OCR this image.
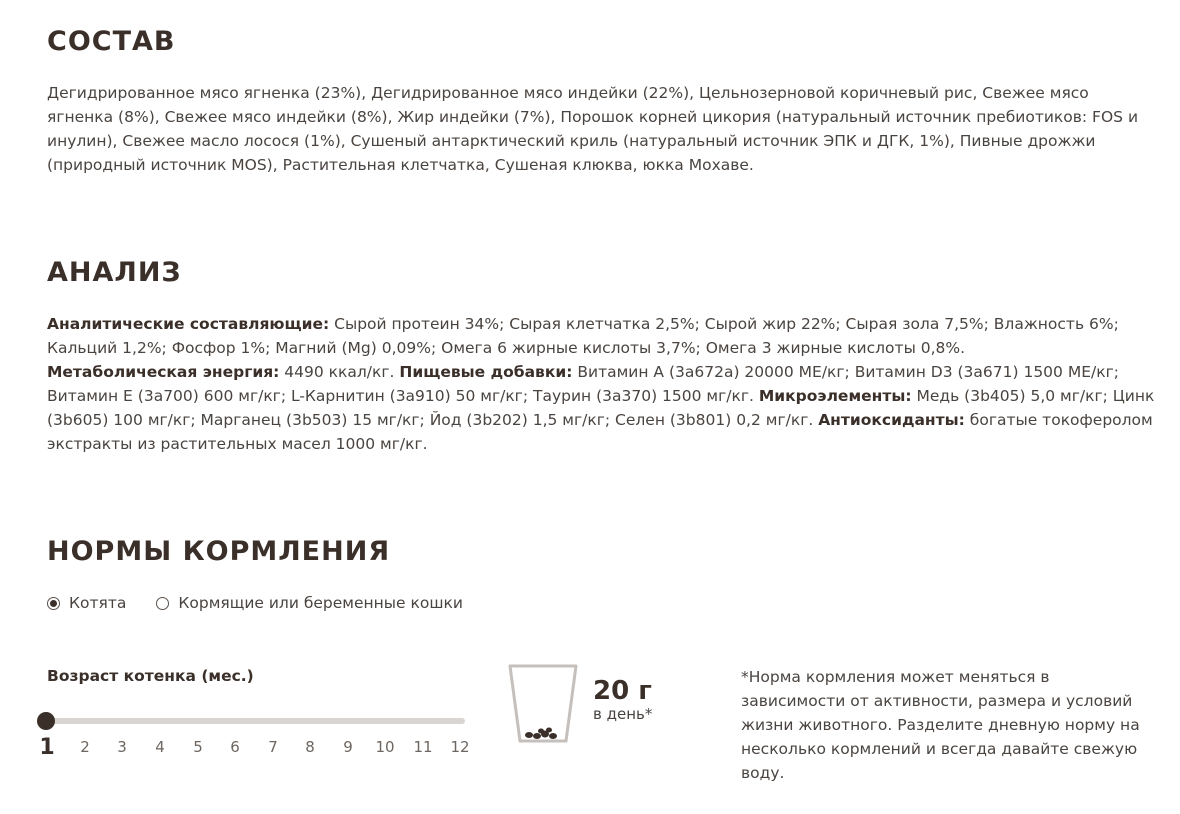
СОСТАВ

Дегидрированное мясо ягненка (23%), Дегидрированное мясо индейки (22%), Цельнозерновой коричневый рис, Свежее мясо ягненка (8%), Свежее мясо индейки (8%), Жир индейки (7%), Порошок корней цикория (натуральный источник пребиотиков: FOS и инулин), Свежее масло лосося (1%), Сушеный антарктический криль (натуральный источник ЭПК и ДГК, 1%), Пивные дрожжи (природный источник MOS), Растительная клетчатка, Сушеная клюква, юкка Мохаве.

АНАЛИЗ

Аналитические составляющие: Сырой протеин 34%; Сырая клетчатка 2,5%; Сырой жир 22%; Сырая зола 7,5%; Влажность 6%; Кальций 1,2%; Фосфор 1%; Магний (Mg) 0,09%; Омега 6 жирные кислоты 3,7%; Омега 3 жирные кислоты 0,8%.
Метаболическая энергия: 4490 ккал/кг. Пищевые добавки: Витамин А (3а672а) 20000 МЕ/кг; Витамин D3 (3а671) 1500 МЕ/кг; Витамин Е (3а700) 600 мг/кг; L-Карнитин (3а910) 50 мг/кг; Таурин (3а370) 1500 мг/кг. Микроэлементы: Медь (3b405) 5,0 мг/кг; Цинк (3b605) 100 мг/кг; Марганец (3b503) 15 мг/кг; Йод (3b202) 1,5 мг/кг; Селен (3b801) 0,2 мг/кг. Антиоксиданты: богатые токоферолом экстракты из растительных масел 1000 мг/кг.

НОРМЫ КОРМЛЕНИЯ
Котята	Кормящие или беременные кошки
Возраст котенка (мес.)
1 2 3 4 5 6 7 8 9 10 11 12
20 г
в день*

*Норма кормления может меняться в зависимости от активности, размера и условий жизни животного. Разделите дневную норму на несколько кормлений и всегда давайте свежую воду.
